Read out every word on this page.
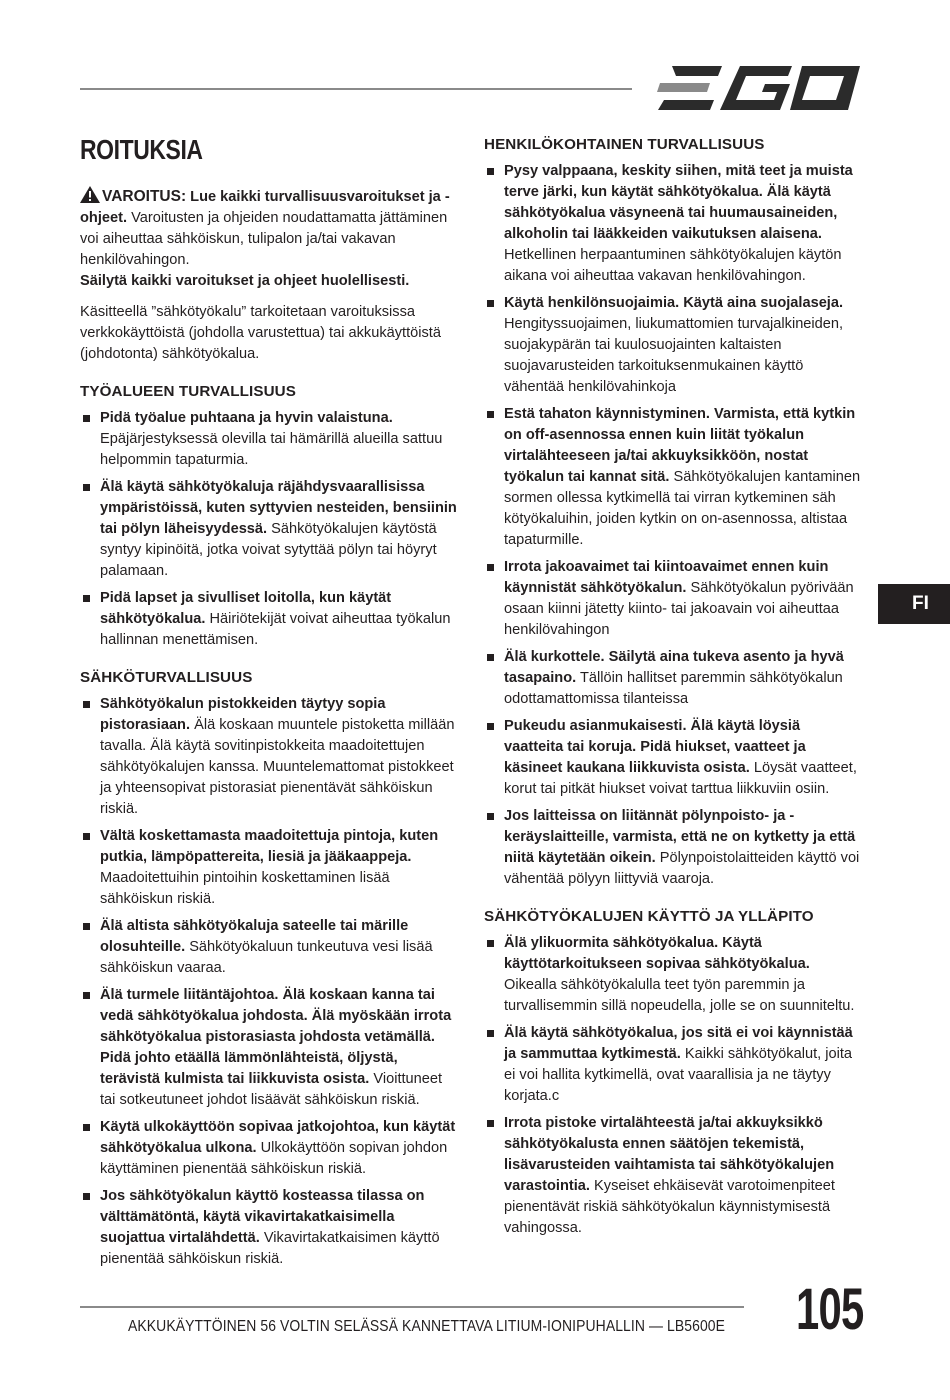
ROITUKSIA

VAROITUS: Lue kaikki turvallisuusvaroitukset ja -ohjeet. Varoitusten ja ohjeiden noudattamatta jättäminen voi aiheuttaa sähköiskun, tulipalon ja/tai vakavan henkilövahingon.

Säilytä kaikki varoitukset ja ohjeet huolellisesti.

Käsitteellä ”sähkötyökalu” tarkoitetaan varoituksissa verkkokäyttöistä (johdolla varustettua) tai akkukäyttöistä (johdotonta) sähkötyökalua.

TYÖALUEEN TURVALLISUUS

Pidä työalue puhtaana ja hyvin valaistuna. Epäjärjestyksessä olevilla tai hämärillä alueilla sattuu helpommin tapaturmia.
Älä käytä sähkötyökaluja räjähdysvaarallisissa ympäristöissä, kuten syttyvien nesteiden, bensiinin tai pölyn läheisyydessä. Sähkötyökalujen käytöstä syntyy kipinöitä, jotka voivat sytyttää pölyn tai höyryt palamaan.
Pidä lapset ja sivulliset loitolla, kun käytät sähkötyökalua. Häiriötekijät voivat aiheuttaa työkalun hallinnan menettämisen.

SÄHKÖTURVALLISUUS

Sähkötyökalun pistokkeiden täytyy sopia pistorasiaan. Älä koskaan muuntele pistoketta millään tavalla. Älä käytä sovitinpistokkeita maadoitettujen sähkötyökalujen kanssa. Muuntelemattomat pistokkeet ja yhteensopivat pistorasiat pienentävät sähköiskun riskiä.
Vältä koskettamasta maadoitettuja pintoja, kuten putkia, lämpöpattereita, liesiä ja jääkaappeja. Maadoitettuihin pintoihin koskettaminen lisää sähköiskun riskiä.
Älä altista sähkötyökaluja sateelle tai märille olosuhteille. Sähkötyökaluun tunkeutuva vesi lisää sähköiskun vaaraa.
Älä turmele liitäntäjohtoa. Älä koskaan kanna tai vedä sähkötyökalua johdosta. Älä myöskään irrota sähkötyökalua pistorasiasta johdosta vetämällä. Pidä johto etäällä lämmönlähteistä, öljystä, terävistä kulmista tai liikkuvista osista. Vioittuneet tai sotkeutuneet johdot lisäävät sähköiskun riskiä.
Käytä ulkokäyttöön sopivaa jatkojohtoa, kun käytät sähkötyökalua ulkona. Ulkokäyttöön sopivan johdon käyttäminen pienentää sähköiskun riskiä.
Jos sähkötyökalun käyttö kosteassa tilassa on välttämätöntä, käytä vikavirtakatkaisimella suojattua virtalähdettä. Vikavirtakatkaisimen käyttö pienentää sähköiskun riskiä.

HENKILÖKOHTAINEN TURVALLISUUS

Pysy valppaana, keskity siihen, mitä teet ja muista terve järki, kun käytät sähkötyökalua. Älä käytä sähkötyökalua väsyneenä tai huumausaineiden, alkoholin tai lääkkeiden vaikutuksen alaisena. Hetkellinen herpaantuminen sähkötyökalujen käytön aikana voi aiheuttaa vakavan henkilövahingon.
Käytä henkilönsuojaimia. Käytä aina suojalaseja. Hengityssuojaimen, liukumattomien turvajalkineiden, suojakypärän tai kuulosuojainten kaltaisten suojavarusteiden tarkoituksenmukainen käyttö vähentää henkilövahinkoja
Estä tahaton käynnistyminen. Varmista, että kytkin on off-asennossa ennen kuin liität työkalun virtalähteeseen ja/tai akkuyksikköön, nostat työkalun tai kannat sitä. Sähkötyökalujen kantaminen sormen ollessa kytkimellä tai virran kytkeminen säh kötyökaluihin, joiden kytkin on on-asennossa, altistaa tapaturmille.
Irrota jakoavaimet tai kiintoavaimet ennen kuin käynnistät sähkötyökalun. Sähkötyökalun pyörivään osaan kiinni jätetty kiinto- tai jakoavain voi aiheuttaa henkilövahingon
Älä kurkottele. Säilytä aina tukeva asento ja hyvä tasapaino. Tällöin hallitset paremmin sähkötyökalun odottamattomissa tilanteissa
Pukeudu asianmukaisesti. Älä käytä löysiä vaatteita tai koruja. Pidä hiukset, vaatteet ja käsineet kaukana liikkuvista osista. Löysät vaatteet, korut tai pitkät hiukset voivat tarttua liikkuviin osiin.
Jos laitteissa on liitännät pölynpoisto- ja -keräyslaitteille, varmista, että ne on kytketty ja että niitä käytetään oikein. Pölynpoistolaitteiden käyttö voi vähentää pölyyn liittyviä vaaroja.

SÄHKÖTYÖKALUJEN KÄYTTÖ JA YLLÄPITO

Älä ylikuormita sähkötyökalua. Käytä käyttötarkoitukseen sopivaa sähkötyökalua. Oikealla sähkötyökalulla teet työn paremmin ja turvallisemmin sillä nopeudella, jolle se on suunniteltu.
Älä käytä sähkötyökalua, jos sitä ei voi käynnistää ja sammuttaa kytkimestä. Kaikki sähkötyökalut, joita ei voi hallita kytkimellä, ovat vaarallisia ja ne täytyy korjata.c
Irrota pistoke virtalähteestä ja/tai akkuyksikkö sähkötyökalusta ennen säätöjen tekemistä, lisävarusteiden vaihtamista tai sähkötyökalujen varastointia. Kyseiset ehkäisevät varotoimenpiteet pienentävät riskiä sähkötyökalun käynnistymisestä vahingossa.
FI
AKKUKÄYTTÖINEN 56 VOLTIN SELÄSSÄ KANNETTAVA LITIUM-IONIPUHALLIN — LB5600E 105
